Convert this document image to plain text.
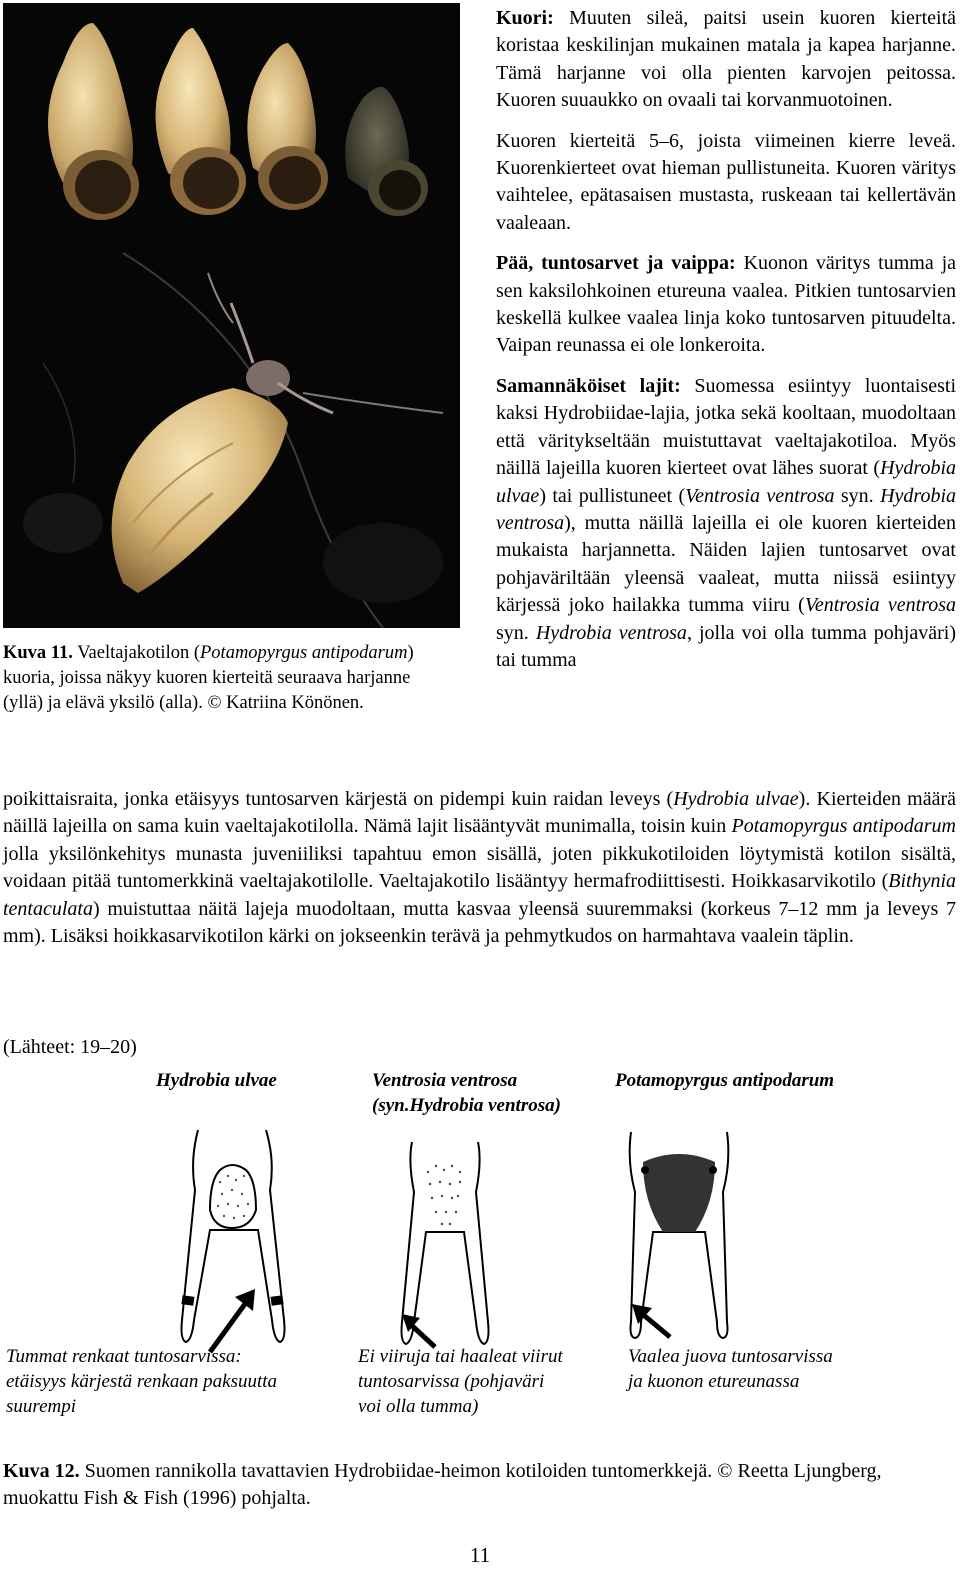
Kuva 11. Vaeltajakotilon (Potamopyrgus antipodarum) kuoria, joissa näkyy kuoren kierteitä seuraava harjanne (yllä) ja elävä yksilö (alla). © Katriina Könönen.

Kuori: Muuten sileä, paitsi usein kuoren kierteitä koristaa keskilinjan mukainen matala ja kapea harjanne. Tämä harjanne voi olla pienten karvojen peitossa. Kuoren suuaukko on ovaali tai korvanmuotoinen.

Kuoren kierteitä 5–6, joista viimeinen kierre leveä. Kuorenkierteet ovat hieman pullistuneita. Kuoren väritys vaihtelee, epätasaisen mustasta, ruskeaan tai kellertävän vaaleaan.

Pää, tuntosarvet ja vaippa: Kuonon väritys tumma ja sen kaksilohkoinen etureuna vaalea. Pitkien tuntosarvien keskellä kulkee vaalea linja koko tuntosarven pituudelta. Vaipan reunassa ei ole lonkeroita.

Samannäköiset lajit: Suomessa esiintyy luontaisesti kaksi Hydrobiidae-lajia, jotka sekä kooltaan, muodoltaan että väritykseltään muistuttavat vaeltajakotiloa. Myös näillä lajeilla kuoren kierteet ovat lähes suorat (Hydrobia ulvae) tai pullistuneet (Ventrosia ventrosa syn. Hydrobia ventrosa), mutta näillä lajeilla ei ole kuoren kierteiden mukaista harjannetta. Näiden lajien tuntosarvet ovat pohjaväriltään yleensä vaaleat, mutta niissä esiintyy kärjessä joko hailakka tumma viiru (Ventrosia ventrosa syn. Hydrobia ventrosa, jolla voi olla tumma pohjaväri) tai tumma

poikittaisraita, jonka etäisyys tuntosarven kärjestä on pidempi kuin raidan leveys (Hydrobia ulvae). Kierteiden määrä näillä lajeilla on sama kuin vaeltajakotilolla. Nämä lajit lisääntyvät munimalla, toisin kuin Potamopyrgus antipodarum jolla yksilönkehitys munasta juveniiliksi tapahtuu emon sisällä, joten pikkukotiloiden löytymistä kotilon sisältä, voidaan pitää tuntomerkkinä vaeltajakotilolle. Vaeltajakotilo lisääntyy hermafrodiittisesti. Hoikkasarvikotilo (Bithynia tentaculata) muistuttaa näitä lajeja muodoltaan, mutta kasvaa yleensä suuremmaksi (korkeus 7–12 mm ja leveys 7 mm). Lisäksi hoikkasarvikotilon kärki on jokseenkin terävä ja pehmytkudos on harmahtava vaalein täplin.

(Lähteet: 19–20)
Hydrobia ulvae	Ventrosia ventrosa
(syn.Hydrobia ventrosa)
Potamopyrgus antipodarum
Tummat renkaat tuntosarvissa:
etäisyys kärjestä renkaan paksuutta
suurempi
Ei viiruja tai haaleat viirut
tuntosarvissa (pohjaväri
voi olla tumma)
Vaalea juova tuntosarvissa
ja kuonon etureunassa
Kuva 12. Suomen rannikolla tavattavien Hydrobiidae-heimon kotiloiden tuntomerkkejä. © Reetta Ljungberg, muokattu Fish & Fish (1996) pohjalta.
11
